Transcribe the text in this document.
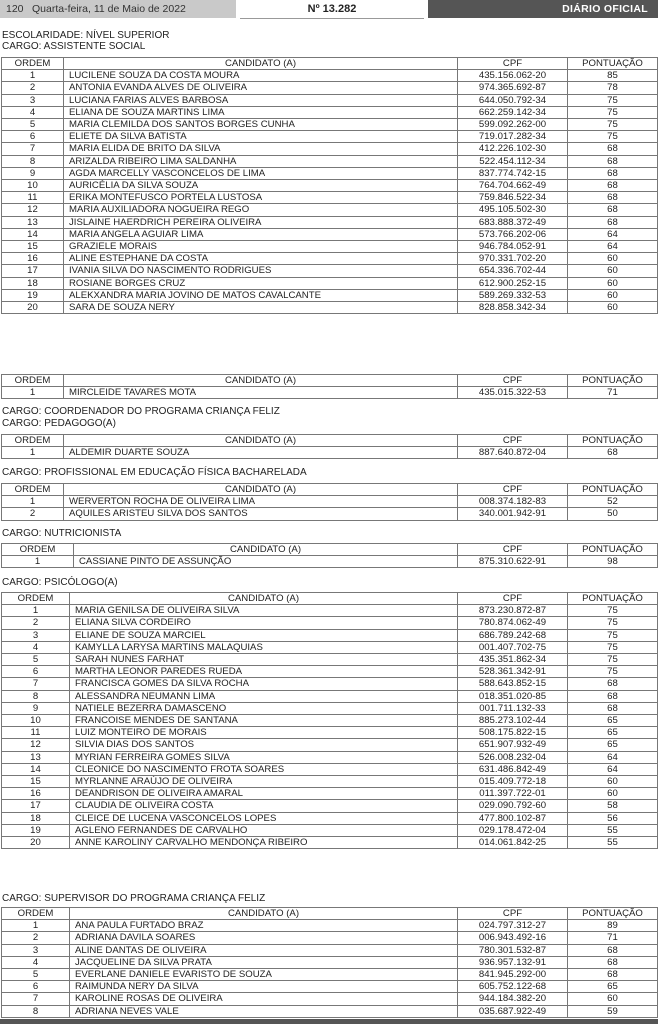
120 Quarta-feira, 11 de Maio de 2022	Nº 13.282	DIÁRIO OFICIAL
ESCOLARIDADE: NÍVEL SUPERIOR
CARGO: ASSISTENTE SOCIAL
CARGO: COORDENADOR DO PROGRAMA CRIANÇA FELIZ
CARGO: PEDAGOGO(A)
CARGO: PROFISSIONAL EM EDUCAÇÃO FÍSICA BACHARELADA
CARGO: NUTRICIONISTA
CARGO: PSICÓLOGO(A)
CARGO: SUPERVISOR DO PROGRAMA CRIANÇA FELIZ
ORDEM	CANDIDATO (A)	CPF	PONTUAÇÃO
1	LUCILENE SOUZA DA COSTA MOURA	435.156.062-20	85
2	ANTONIA EVANDA ALVES DE OLIVEIRA	974.365.692-87	78
3	LUCIANA FARIAS ALVES BARBOSA	644.050.792-34	75
4	ELIANA DE SOUZA MARTINS LIMA	662.259.142-34	75
5	MARIA CLEMILDA DOS SANTOS BORGES CUNHA	599.092.262-00	75
6	ELIETE DA SILVA BATISTA	719.017.282-34	75
7	MARIA ELIDA DE BRITO DA SILVA	412.226.102-30	68
8	ARIZALDA RIBEIRO LIMA SALDANHA	522.454.112-34	68
9	AGDA MARCELLY VASCONCELOS DE LIMA	837.774.742-15	68
10	AURICÉLIA DA SILVA SOUZA	764.704.662-49	68
11	ERIKA MONTEFUSCO PORTELA LUSTOSA	759.846.522-34	68
12	MARIA AUXILIADORA NOGUEIRA REGO	495.105.502-30	68
13	JISLAINE HAERDRICH PEREIRA OLIVEIRA	683.888.372-49	68
14	MARIA ANGELA AGUIAR LIMA	573.766.202-06	64
15	GRAZIELE MORAIS	946.784.052-91	64
16	ALINE ESTEPHANE DA COSTA	970.331.702-20	60
17	IVANIA SILVA DO NASCIMENTO RODRIGUES	654.336.702-44	60
18	ROSIANE BORGES CRUZ	612.900.252-15	60
19	ALEKXANDRA MARIA JOVINO DE MATOS CAVALCANTE	589.269.332-53	60
20	SARA DE SOUZA NERY	828.858.342-34	60
ORDEM	CANDIDATO (A)	CPF	PONTUAÇÃO
1	MIRCLEIDE TAVARES MOTA	435.015.322-53	71
ORDEM	CANDIDATO (A)	CPF	PONTUAÇÃO
1	ALDEMIR DUARTE SOUZA	887.640.872-04	68
ORDEM	CANDIDATO (A)	CPF	PONTUAÇÃO
1	WERVERTON ROCHA DE OLIVEIRA LIMA	008.374.182-83	52
2	AQUILES ARISTEU SILVA DOS SANTOS	340.001.942-91	50
ORDEM	CANDIDATO (A)	CPF	PONTUAÇÃO
1	CASSIANE PINTO DE ASSUNÇÃO	875.310.622-91	98
ORDEM	CANDIDATO (A)	CPF	PONTUAÇÃO
1	MARIA GENILSA DE OLIVEIRA SILVA	873.230.872-87	75
2	ELIANA SILVA CORDEIRO	780.874.062-49	75
3	ELIANE DE SOUZA MARCIEL	686.789.242-68	75
4	KAMYLLA LARYSA MARTINS MALAQUIAS	001.407.702-75	75
5	SARAH NUNES FARHAT	435.351.862-34	75
6	MARTHA LEONOR PAREDES RUEDA	528.361.342-91	75
7	FRANCISCA GOMES DA SILVA ROCHA	588.643.852-15	68
8	ALESSANDRA NEUMANN LIMA	018.351.020-85	68
9	NATIELE BEZERRA DAMASCENO	001.711.132-33	68
10	FRANCOISE MENDES DE SANTANA	885.273.102-44	65
11	LUIZ MONTEIRO DE MORAIS	508.175.822-15	65
12	SILVIA DIAS DOS SANTOS	651.907.932-49	65
13	MYRIAN FERREIRA GOMES SILVA	526.008.232-04	64
14	CLEONICE DO NASCIMENTO FROTA SOARES	631.486.842-49	64
15	MYRLANNE ARAÚJO DE OLIVEIRA	015.409.772-18	60
16	DEANDRISON DE OLIVEIRA AMARAL	011.397.722-01	60
17	CLAUDIA DE OLIVEIRA COSTA	029.090.792-60	58
18	CLEICE DE LUCENA VASCONCELOS LOPES	477.800.102-87	56
19	AGLENO FERNANDES DE CARVALHO	029.178.472-04	55
20	ANNE KAROLINY CARVALHO MENDONÇA RIBEIRO	014.061.842-25	55
ORDEM	CANDIDATO (A)	CPF	PONTUAÇÃO
1	ANA PAULA FURTADO BRAZ	024.797.312-27	89
2	ADRIANA DAVILA SOARES	006.943.492-16	71
3	ALINE DANTAS DE OLIVEIRA	780.301.532-87	68
4	JACQUELINE DA SILVA PRATA	936.957.132-91	68
5	EVERLANE DANIELE EVARISTO DE SOUZA	841.945.292-00	68
6	RAIMUNDA NERY DA SILVA	605.752.122-68	65
7	KAROLINE ROSAS DE OLIVEIRA	944.184.382-20	60
8	ADRIANA NEVES VALE	035.687.922-49	59
